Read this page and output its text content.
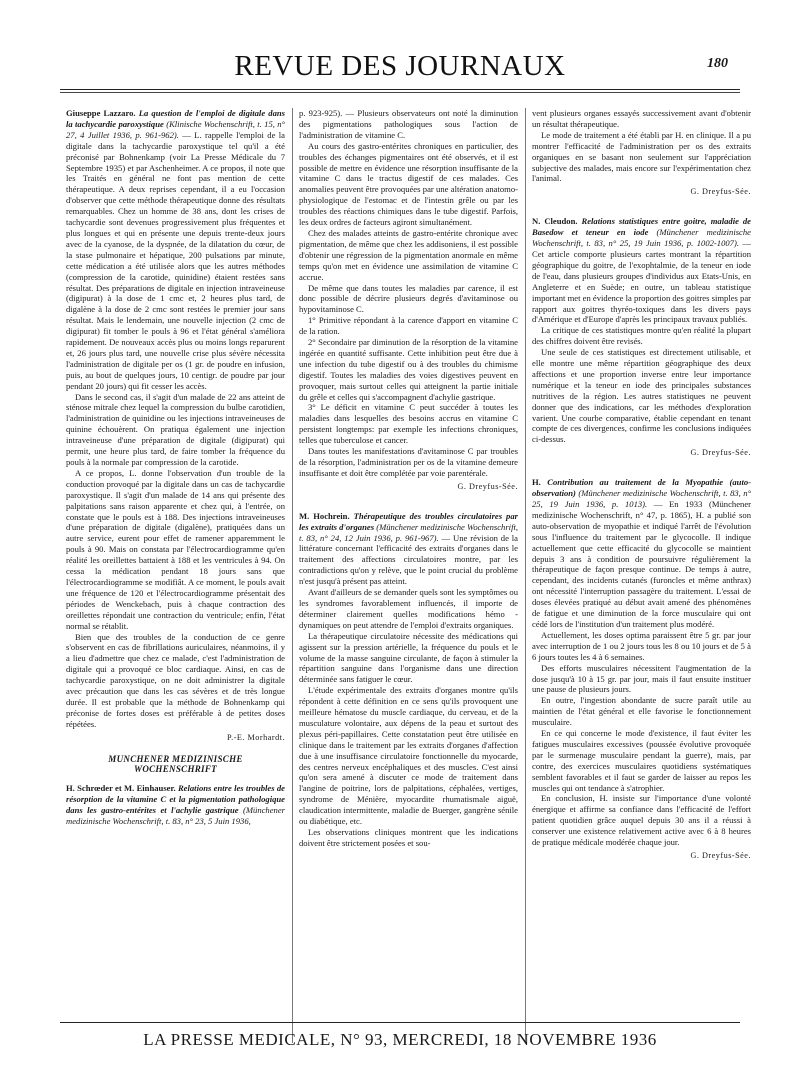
REVUE DES JOURNAUX	180

Giuseppe Lazzaro. La question de l'emploi de digitale dans la tachycardie paroxystique (Klinische Wochenschrift, t. 15, n° 27, 4 Juillet 1936, p. 961-962). — L. rappelle l'emploi de la digitale dans la tachycardie paroxystique tel qu'il a été préconisé par Bohnenkamp (voir La Presse Médicale du 7 Septembre 1935) et par Aschenheimer. A ce propos, il note que les Traités en général ne font pas mention de cette thérapeutique. A deux reprises cependant, il a eu l'occasion d'observer que cette méthode thérapeutique donne des résultats remarquables. Chez un homme de 38 ans, dont les crises de tachycardie sont devenues progressivement plus fréquentes et plus longues et qui en présente une depuis trente-deux jours avec de la cyanose, de la dyspnée, de la dilatation du cœur, de la stase pulmonaire et hépatique, 200 pulsations par minute, cette médication a été utilisée alors que les autres méthodes (compression de la carotide, quinidine) étaient restées sans résultat. Des préparations de digitale en injection intraveineuse (digipurat) à la dose de 1 cmc et, 2 heures plus tard, de digalène à la dose de 2 cmc sont restées le premier jour sans résultat. Mais le lendemain, une nouvelle injection (2 cmc de digipurat) fit tomber le pouls à 96 et l'état général s'améliora rapidement. De nouveaux accès plus ou moins longs reparurent et, 26 jours plus tard, une nouvelle crise plus sévère nécessita l'administration de digitale per os (1 gr. de poudre en infusion, puis, au bout de quelques jours, 10 centigr. de poudre par jour pendant 20 jours) qui fit cesser les accès.

Dans le second cas, il s'agit d'un malade de 22 ans atteint de sténose mitrale chez lequel la compression du bulbe carotidien, l'administration de quinidine ou les injections intraveineuses de quinine échouèrent. On pratiqua également une injection intraveineuse d'une préparation de digitale (digipurat) qui permit, une heure plus tard, de faire tomber la fréquence du pouls à la normale par compression de la carotide.

A ce propos, L. donne l'observation d'un trouble de la conduction provoqué par la digitale dans un cas de tachycardie paroxystique. Il s'agit d'un malade de 14 ans qui présente des palpitations sans raison apparente et chez qui, à l'entrée, on constate que le pouls est à 188. Des injections intraveineuses d'une préparation de digitale (digalène), pratiquées dans un autre service, eurent pour effet de ramener apparemment le pouls à 90. Mais on constata par l'électrocardiogramme qu'en réalité les oreillettes battaient à 188 et les ventricules à 94. On cessa la médication pendant 18 jours sans que l'électrocardiogramme se modifiât. A ce moment, le pouls avait une fréquence de 120 et l'électrocardiogramme présentait des périodes de Wenckebach, puis à chaque contraction des oreillettes répondait une contraction du ventricule; enfin, l'état normal se rétablit.

Bien que des troubles de la conduction de ce genre s'observent en cas de fibrillations auriculaires, néanmoins, il y a lieu d'admettre que chez ce malade, c'est l'administration de digitale qui a provoqué ce bloc cardiaque. Ainsi, en cas de tachycardie paroxystique, on ne doit administrer la digitale avec précaution que dans les cas sévères et de très longue durée. Il est probable que la méthode de Bohnenkamp qui préconise de fortes doses est préférable à de petites doses répétées.

P.-E. Morhardt.

MUNCHENER MEDIZINISCHE WOCHENSCHRIFT

H. Schrœder et M. Einhauser. Relations entre les troubles de résorption de la vitamine C et la pigmentation pathologique dans les gastro-entérites et l'achylie gastrique (Münchener medizinische Wochenschrift, t. 83, n° 23, 5 Juin 1936,

p. 923-925). — Plusieurs observateurs ont noté la diminution des pigmentations pathologiques sous l'action de l'administration de vitamine C.

Au cours des gastro-entérites chroniques en particulier, des troubles des échanges pigmentaires ont été observés, et il est possible de mettre en évidence une résorption insuffisante de la vitamine C dans le tractus digestif de ces malades. Ces anomalies peuvent être provoquées par une altération anatomo-physiologique de l'estomac et de l'intestin grêle ou par les troubles des réactions chimiques dans le tube digestif. Parfois, les deux ordres de facteurs agiront simultanément.

Chez des malades atteints de gastro-entérite chronique avec pigmentation, de même que chez les addisoniens, il est possible d'obtenir une régression de la pigmentation anormale en même temps qu'on met en évidence une assimilation de vitamine C accrue.

De même que dans toutes les maladies par carence, il est donc possible de décrire plusieurs degrés d'avitaminose ou hypovitaminose C.

1° Primitive répondant à la carence d'apport en vitamine C de la ration.

2° Secondaire par diminution de la résorption de la vitamine ingérée en quantité suffisante. Cette inhibition peut être due à une infection du tube digestif ou à des troubles du chimisme digestif. Toutes les maladies des voies digestives peuvent en provoquer, mais surtout celles qui atteignent la partie initiale du grêle et celles qui s'accompagnent d'achylie gastrique.

3° Le déficit en vitamine C peut succéder à toutes les maladies dans lesquelles des besoins accrus en vitamine C persistent longtemps: par exemple les infections chroniques, telles que tuberculose et cancer.

Dans toutes les manifestations d'avitaminose C par troubles de la résorption, l'administration per os de la vitamine demeure insuffisante et doit être complétée par voie parentérale.

G. Dreyfus-Sée.

M. Hochrein. Thérapeutique des troubles circulatoires par les extraits d'organes (Münchener medizinische Wochenschrift, t. 83, n° 24, 12 Juin 1936, p. 961-967). — Une révision de la littérature concernant l'efficacité des extraits d'organes dans le traitement des affections circulatoires montre, par les contradictions qu'on y relève, que le point crucial du problème n'est jusqu'à présent pas atteint.

Avant d'ailleurs de se demander quels sont les symptômes ou les syndromes favorablement influencés, il importe de déterminer clairement quelles modifications hémo - dynamiques on peut attendre de l'emploi d'extraits organiques.

La thérapeutique circulatoire nécessite des médications qui agissent sur la pression artérielle, la fréquence du pouls et le volume de la masse sanguine circulante, de façon à stimuler la répartition sanguine dans l'organisme dans une direction déterminée sans fatiguer le cœur.

L'étude expérimentale des extraits d'organes montre qu'ils répondent à cette définition en ce sens qu'ils provoquent une meilleure hématose du muscle cardiaque, du cerveau, et de la musculature volontaire, aux dépens de la peau et surtout des plexus péri-papillaires. Cette constatation peut être utilisée en clinique dans le traitement par les extraits d'organes d'affection due à une insuffisance circulatoire fonctionnelle du myocarde, des centres nerveux encéphaliques et des muscles. C'est ainsi qu'on sera amené à discuter ce mode de traitement dans l'angine de poitrine, lors de palpitations, céphalées, vertiges, syndrome de Ménière, myocardite rhumatismale aiguë, claudication intermittente, maladie de Buerger, gangrène sénile ou diabétique, etc.

Les observations cliniques montrent que les indications doivent être strictement posées et sou-

vent plusieurs organes essayés successivement avant d'obtenir un résultat thérapeutique.

Le mode de traitement a été établi par H. en clinique. Il a pu montrer l'efficacité de l'administration per os des extraits organiques en se basant non seulement sur l'appréciation subjective des malades, mais encore sur l'expérimentation chez l'animal.

G. Dreyfus-Sée.

N. Cleudon. Relations statistiques entre goitre, maladie de Basedow et teneur en iode (Münchener medizinische Wochenschrift, t. 83, n° 25, 19 Juin 1936, p. 1002-1007). — Cet article comporte plusieurs cartes montrant la répartition géographique du goitre, de l'exophtalmie, de la teneur en iode de l'eau, dans plusieurs groupes d'individus aux Etats-Unis, en Angleterre et en Suède; en outre, un tableau statistique important met en évidence la proportion des goitres simples par rapport aux goitres thyréo-toxiques dans les divers pays d'Amérique et d'Europe d'après les principaux travaux publiés.

La critique de ces statistiques montre qu'en réalité la plupart des chiffres doivent être revisés.

Une seule de ces statistiques est directement utilisable, et elle montre une même répartition géographique des deux affections et une proportion inverse entre leur importance numérique et la teneur en iode des principales substances nutritives de la région. Les autres statistiques ne peuvent donner que des indications, car les méthodes d'exploration varient. Une courbe comparative, établie cependant en tenant compte de ces divergences, confirme les conclusions indiquées ci-dessus.

G. Dreyfus-Sée.

H. Contribution au traitement de la Myopathie (auto-observation) (Münchener medizinische Wochenschrift, t. 83, n° 25, 19 Juin 1936, p. 1013). — En 1933 (Münchener medizinische Wochenschrift, n° 47, p. 1865), H. a publié son auto-observation de myopathie et indiqué l'arrêt de l'évolution sous l'influence du traitement par le glycocolle. Il indique actuellement que cette efficacité du glycocolle se maintient depuis 3 ans à condition de poursuivre régulièrement la thérapeutique de façon presque continue. De temps à autre, cependant, des incidents cutanés (furoncles et même anthrax) ont nécessité l'interruption passagère du traitement. L'essai de doses élevées pratiqué au début avait amené des phénomènes de fatigue et une diminution de la force musculaire qui ont cédé lors de l'institution d'un traitement plus modéré.

Actuellement, les doses optima paraissent être 5 gr. par jour avec interruption de 1 ou 2 jours tous les 8 ou 10 jours et de 5 à 6 jours toutes les 4 à 6 semaines.

Des efforts musculaires nécessitent l'augmentation de la dose jusqu'à 10 à 15 gr. par jour, mais il faut ensuite instituer une pause de plusieurs jours.

En outre, l'ingestion abondante de sucre paraît utile au maintien de l'état général et elle favorise le fonctionnement musculaire.

En ce qui concerne le mode d'existence, il faut éviter les fatigues musculaires excessives (poussée évolutive provoquée par le surmenage musculaire pendant la guerre), mais, par contre, des exercices musculaires quotidiens systématiques semblent favorables et il faut se garder de laisser au repos les muscles qui ont tendance à s'atrophier.

En conclusion, H. insiste sur l'importance d'une volonté énergique et affirme sa confiance dans l'efficacité de l'effort patient quotidien grâce auquel depuis 30 ans il a réussi à conserver une existence relativement active avec 6 à 8 heures de pratique médicale modérée chaque jour.

G. Dreyfus-Sée.

LA PRESSE MEDICALE, N° 93, MERCREDI, 18 NOVEMBRE 1936
